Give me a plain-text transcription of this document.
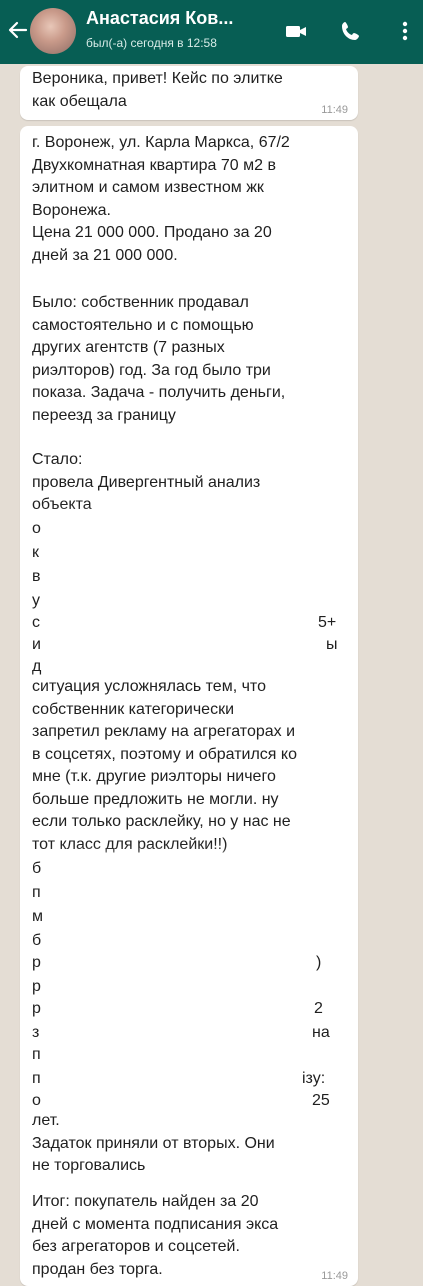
Анастасия Ков...
был(-а) сегодня в 12:58
Вероника, привет! Кейс по элитке
как обещала
11:49
г. Воронеж, ул. Карла Маркса, 67/2
Двухкомнатная квартира 70 м2 в
элитном и самом известном жк
Воронежа.
Цена 21 000 000. Продано за 20
дней за 21 000 000.
Было: собственник продавал
самостоятельно и с помощью
других агентств (7 разных
риэлторов) год. За год было три
показа. Задача - получить деньги,
переезд за границу
Стало:
провела Дивергентный анализ
объекта
о
к
в
у
с
и
д
5+
ы
ситуация усложнялась тем, что
собственник категорически
запретил рекламу на агрегаторах и
в соцсетях, поэтому и обратился ко
мне (т.к. другие риэлторы ничего
больше предложить не могли. ну
если только расклейку, но у нас не
тот класс для расклейки!!)
б
п
м
б
р
р
р
з
п
п
о
)
2
на
ізу:
25
лет.
Задаток приняли от вторых. Они
не торговались
Итог: покупатель найден за 20
дней с момента подписания экса
без агрегаторов и соцсетей.
продан без торга.	11:49
